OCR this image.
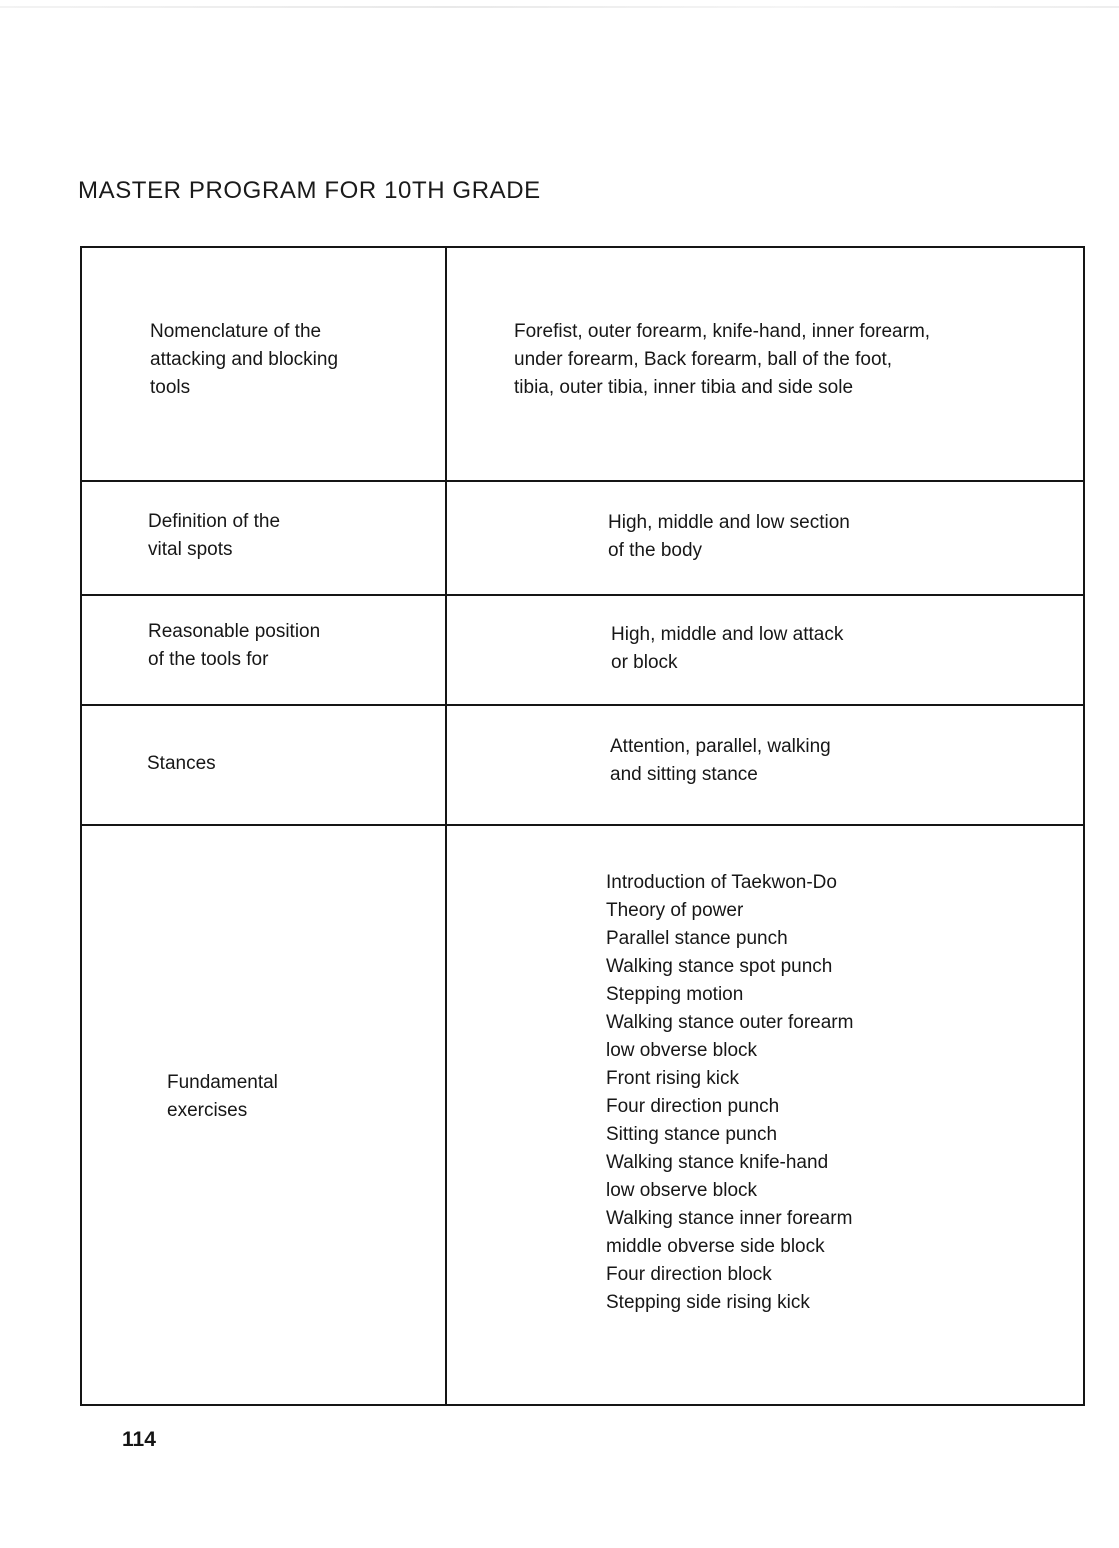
MASTER PROGRAM FOR 10TH GRADE
Nomenclature of the
attacking and blocking
tools
Forefist, outer forearm, knife-hand, inner forearm,
under forearm, Back forearm, ball of the foot,
tibia, outer tibia, inner tibia and side sole
Definition of the
vital spots
High, middle and low section
of the body
Reasonable position
of the tools for
High, middle and low attack
or block
Stances
Attention, parallel, walking
and sitting stance
Fundamental
exercises
Introduction of Taekwon-Do
Theory of power
Parallel stance punch
Walking stance spot punch
Stepping motion
Walking stance outer forearm
low obverse block
Front rising kick
Four direction punch
Sitting stance punch
Walking stance knife-hand
low observe block
Walking stance inner forearm
middle obverse side block
Four direction block
Stepping side rising kick
114
